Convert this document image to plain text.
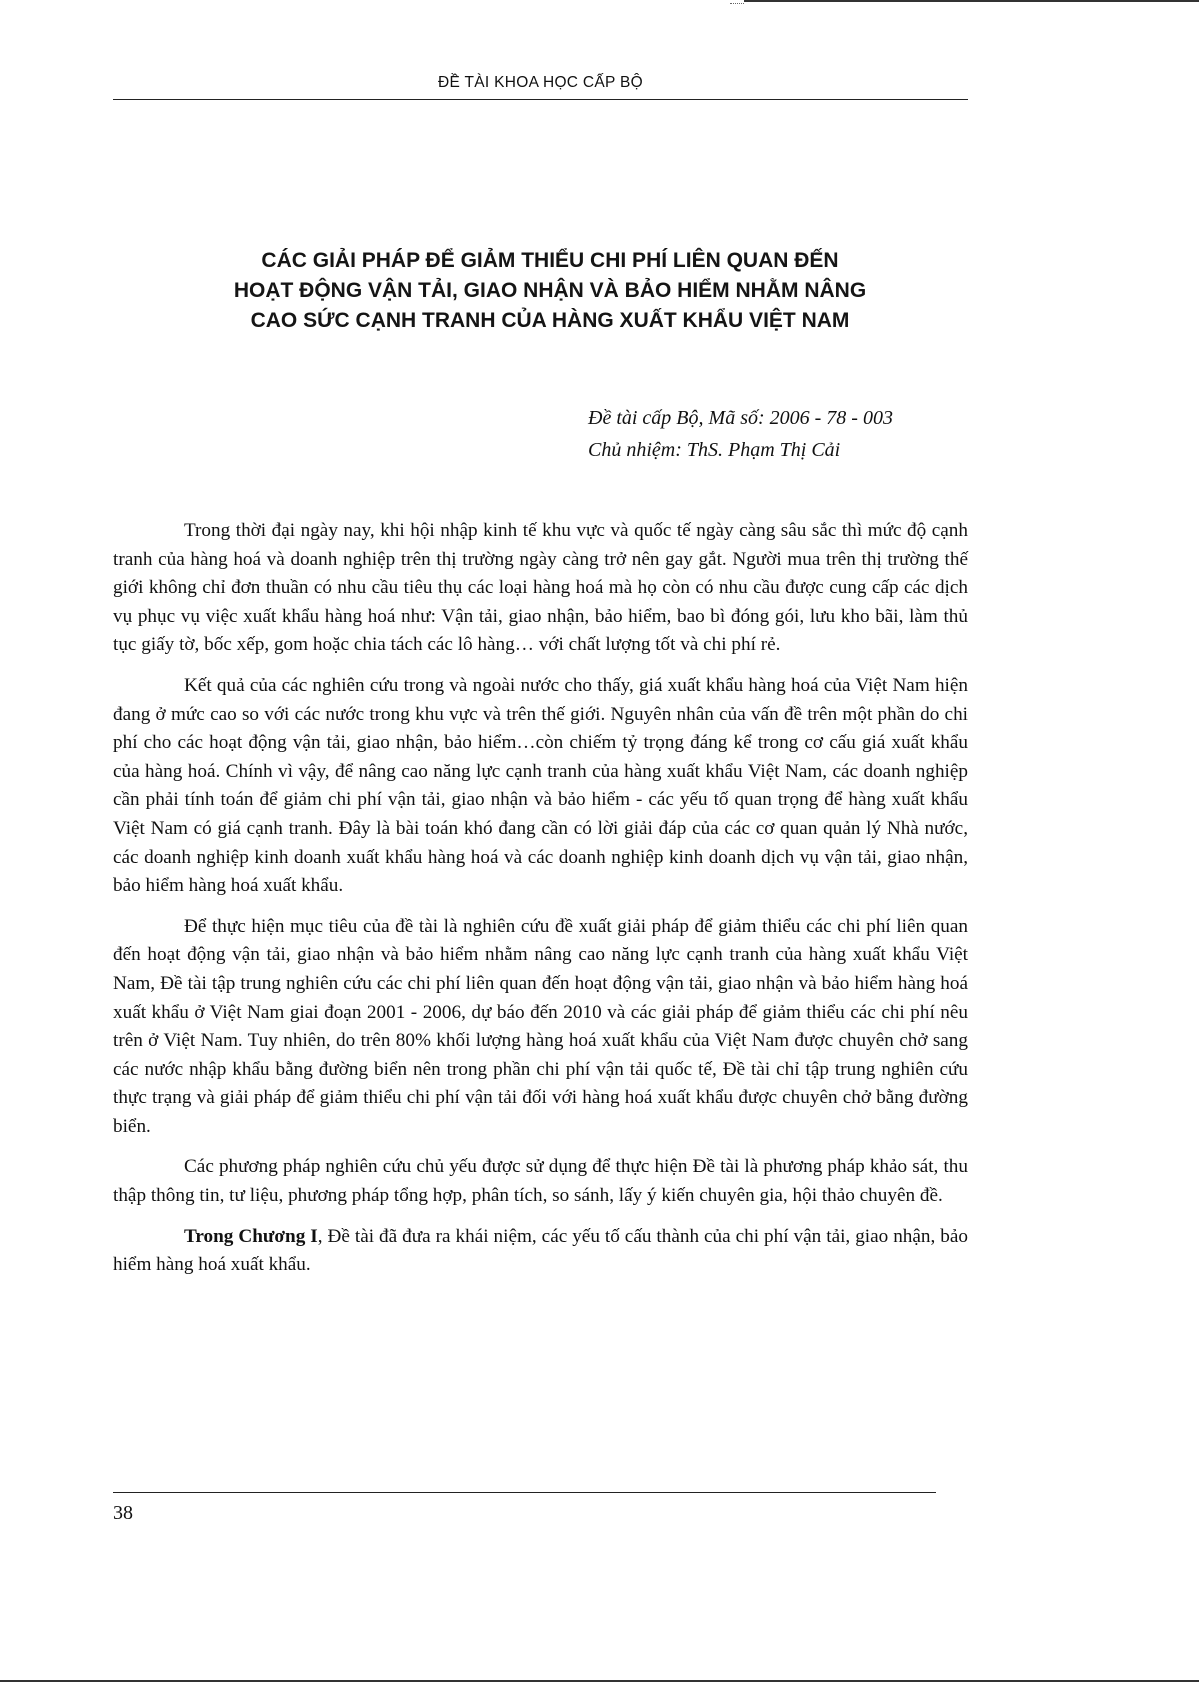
ĐỀ TÀI KHOA HỌC CẤP BỘ
CÁC GIẢI PHÁP ĐỂ GIẢM THIỂU CHI PHÍ LIÊN QUAN ĐẾN
HOẠT ĐỘNG VẬN TẢI, GIAO NHẬN VÀ BẢO HIỂM NHẰM NÂNG
CAO SỨC CẠNH TRANH CỦA HÀNG XUẤT KHẨU VIỆT NAM
Đề tài cấp Bộ, Mã số: 2006 - 78 - 003
Chủ nhiệm: ThS. Phạm Thị Cải

Trong thời đại ngày nay, khi hội nhập kinh tế khu vực và quốc tế ngày càng sâu sắc thì mức độ cạnh tranh của hàng hoá và doanh nghiệp trên thị trường ngày càng trở nên gay gắt. Người mua trên thị trường thế giới không chỉ đơn thuần có nhu cầu tiêu thụ các loại hàng hoá mà họ còn có nhu cầu được cung cấp các dịch vụ phục vụ việc xuất khẩu hàng hoá như: Vận tải, giao nhận, bảo hiểm, bao bì đóng gói, lưu kho bãi, làm thủ tục giấy tờ, bốc xếp, gom hoặc chia tách các lô hàng… với chất lượng tốt và chi phí rẻ.

Kết quả của các nghiên cứu trong và ngoài nước cho thấy, giá xuất khẩu hàng hoá của Việt Nam hiện đang ở mức cao so với các nước trong khu vực và trên thế giới. Nguyên nhân của vấn đề trên một phần do chi phí cho các hoạt động vận tải, giao nhận, bảo hiểm…còn chiếm tỷ trọng đáng kể trong cơ cấu giá xuất khẩu của hàng hoá. Chính vì vậy, để nâng cao năng lực cạnh tranh của hàng xuất khẩu Việt Nam, các doanh nghiệp cần phải tính toán để giảm chi phí vận tải, giao nhận và bảo hiểm - các yếu tố quan trọng để hàng xuất khẩu Việt Nam có giá cạnh tranh. Đây là bài toán khó đang cần có lời giải đáp của các cơ quan quản lý Nhà nước, các doanh nghiệp kinh doanh xuất khẩu hàng hoá và các doanh nghiệp kinh doanh dịch vụ vận tải, giao nhận, bảo hiểm hàng hoá xuất khẩu.

Để thực hiện mục tiêu của đề tài là nghiên cứu đề xuất giải pháp để giảm thiểu các chi phí liên quan đến hoạt động vận tải, giao nhận và bảo hiểm nhằm nâng cao năng lực cạnh tranh của hàng xuất khẩu Việt Nam, Đề tài tập trung nghiên cứu các chi phí liên quan đến hoạt động vận tải, giao nhận và bảo hiểm hàng hoá xuất khẩu ở Việt Nam giai đoạn 2001 - 2006, dự báo đến 2010 và các giải pháp để giảm thiểu các chi phí nêu trên ở Việt Nam. Tuy nhiên, do trên 80% khối lượng hàng hoá xuất khẩu của Việt Nam được chuyên chở sang các nước nhập khẩu bằng đường biển nên trong phần chi phí vận tải quốc tế, Đề tài chỉ tập trung nghiên cứu thực trạng và giải pháp để giảm thiểu chi phí vận tải đối với hàng hoá xuất khẩu được chuyên chở bằng đường biển.

Các phương pháp nghiên cứu chủ yếu được sử dụng để thực hiện Đề tài là phương pháp khảo sát, thu thập thông tin, tư liệu, phương pháp tổng hợp, phân tích, so sánh, lấy ý kiến chuyên gia, hội thảo chuyên đề.

Trong Chương I, Đề tài đã đưa ra khái niệm, các yếu tố cấu thành của chi phí vận tải, giao nhận, bảo hiểm hàng hoá xuất khẩu.

38
